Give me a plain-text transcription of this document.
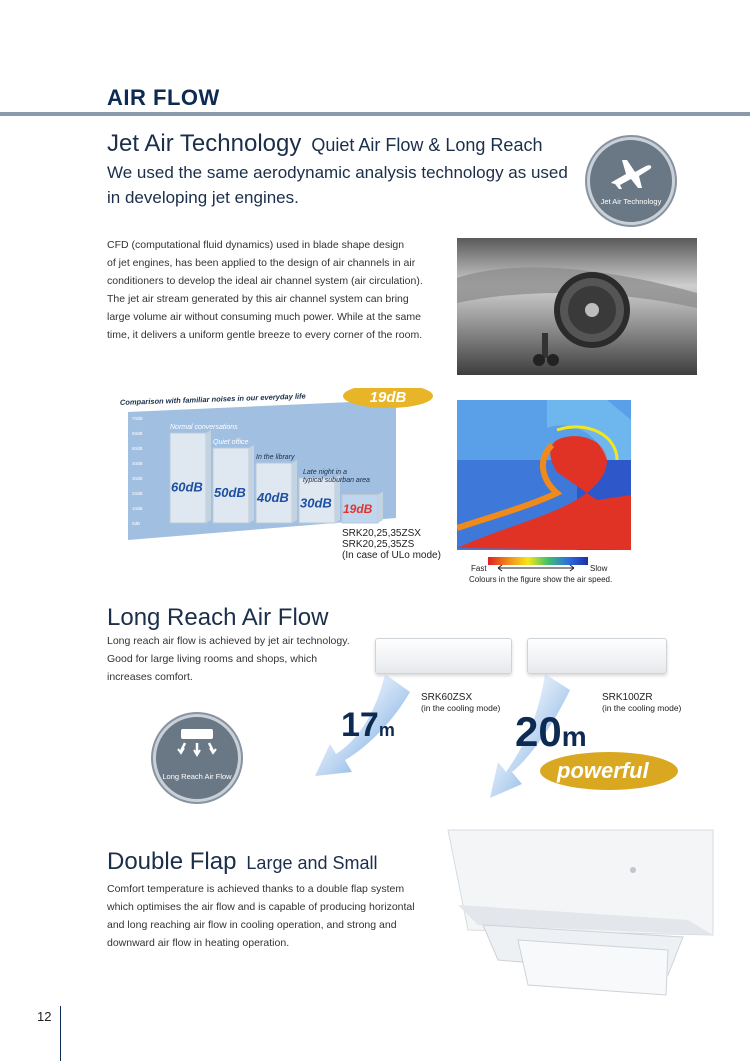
AIR FLOW
Jet Air Technology Quiet Air Flow & Long Reach
We used the same aerodynamic analysis technology as used in developing jet engines.	Jet Air Technology
CFD (computational fluid dynamics) used in blade shape design
of jet engines, has been applied to the design of air channels in air
conditioners to develop the ideal air channel system (air circulation).
The jet air stream generated by this air channel system can bring
large volume air without consuming much power. While at the same
time, it delivers a uniform gentle breeze to every corner of the room.
Comparison with familiar noises in our everyday life
70dB
60dB
50dB
40dB
30dB
20dB
10dB
0dB
Normal conversations
Quiet office
In the library
Late night in a typical suburban area
60dB 50dB 40dB 30dB 19dB
19dB
SRK20,25,35ZSX
SRK20,25,35ZS
(In case of ULo mode)
Fast	Slow
Colours in the figure show the air speed.
Long Reach Air Flow
Long reach air flow is achieved by jet air technology.
Good for large living rooms and shops, which
increases comfort.
Long Reach Air Flow
SRK60ZSX
(in the cooling mode)
SRK100ZR
(in the cooling mode)
17m	20m
powerful
Double Flap Large and Small
Comfort temperature is achieved thanks to a double flap system
which optimises the air flow and is capable of producing horizontal
and long reaching air flow in cooling operation, and strong and
downward air flow in heating operation.
12
